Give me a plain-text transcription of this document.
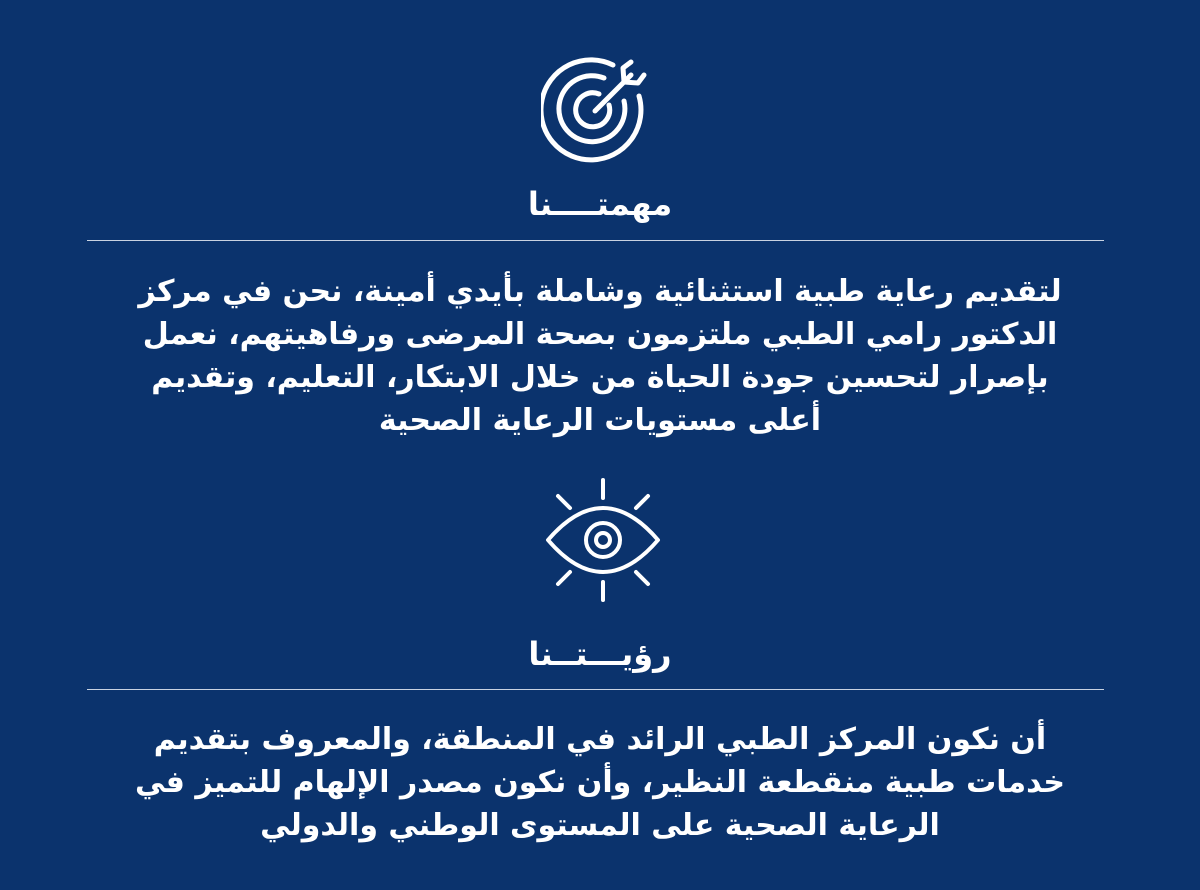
مهمتــــنا

لتقديم رعاية طبية استثنائية وشاملة بأيدي أمينة، نحن في مركز الدكتور رامي الطبي ملتزمون بصحة المرضى ورفاهيتهم، نعمل بإصرار لتحسين جودة الحياة من خلال الابتكار، التعليم، وتقديم أعلى مستويات الرعاية الصحية

رؤيـــتــنا

أن نكون المركز الطبي الرائد في المنطقة، والمعروف بتقديم خدمات طبية منقطعة النظير، وأن نكون مصدر الإلهام للتميز في الرعاية الصحية على المستوى الوطني والدولي
